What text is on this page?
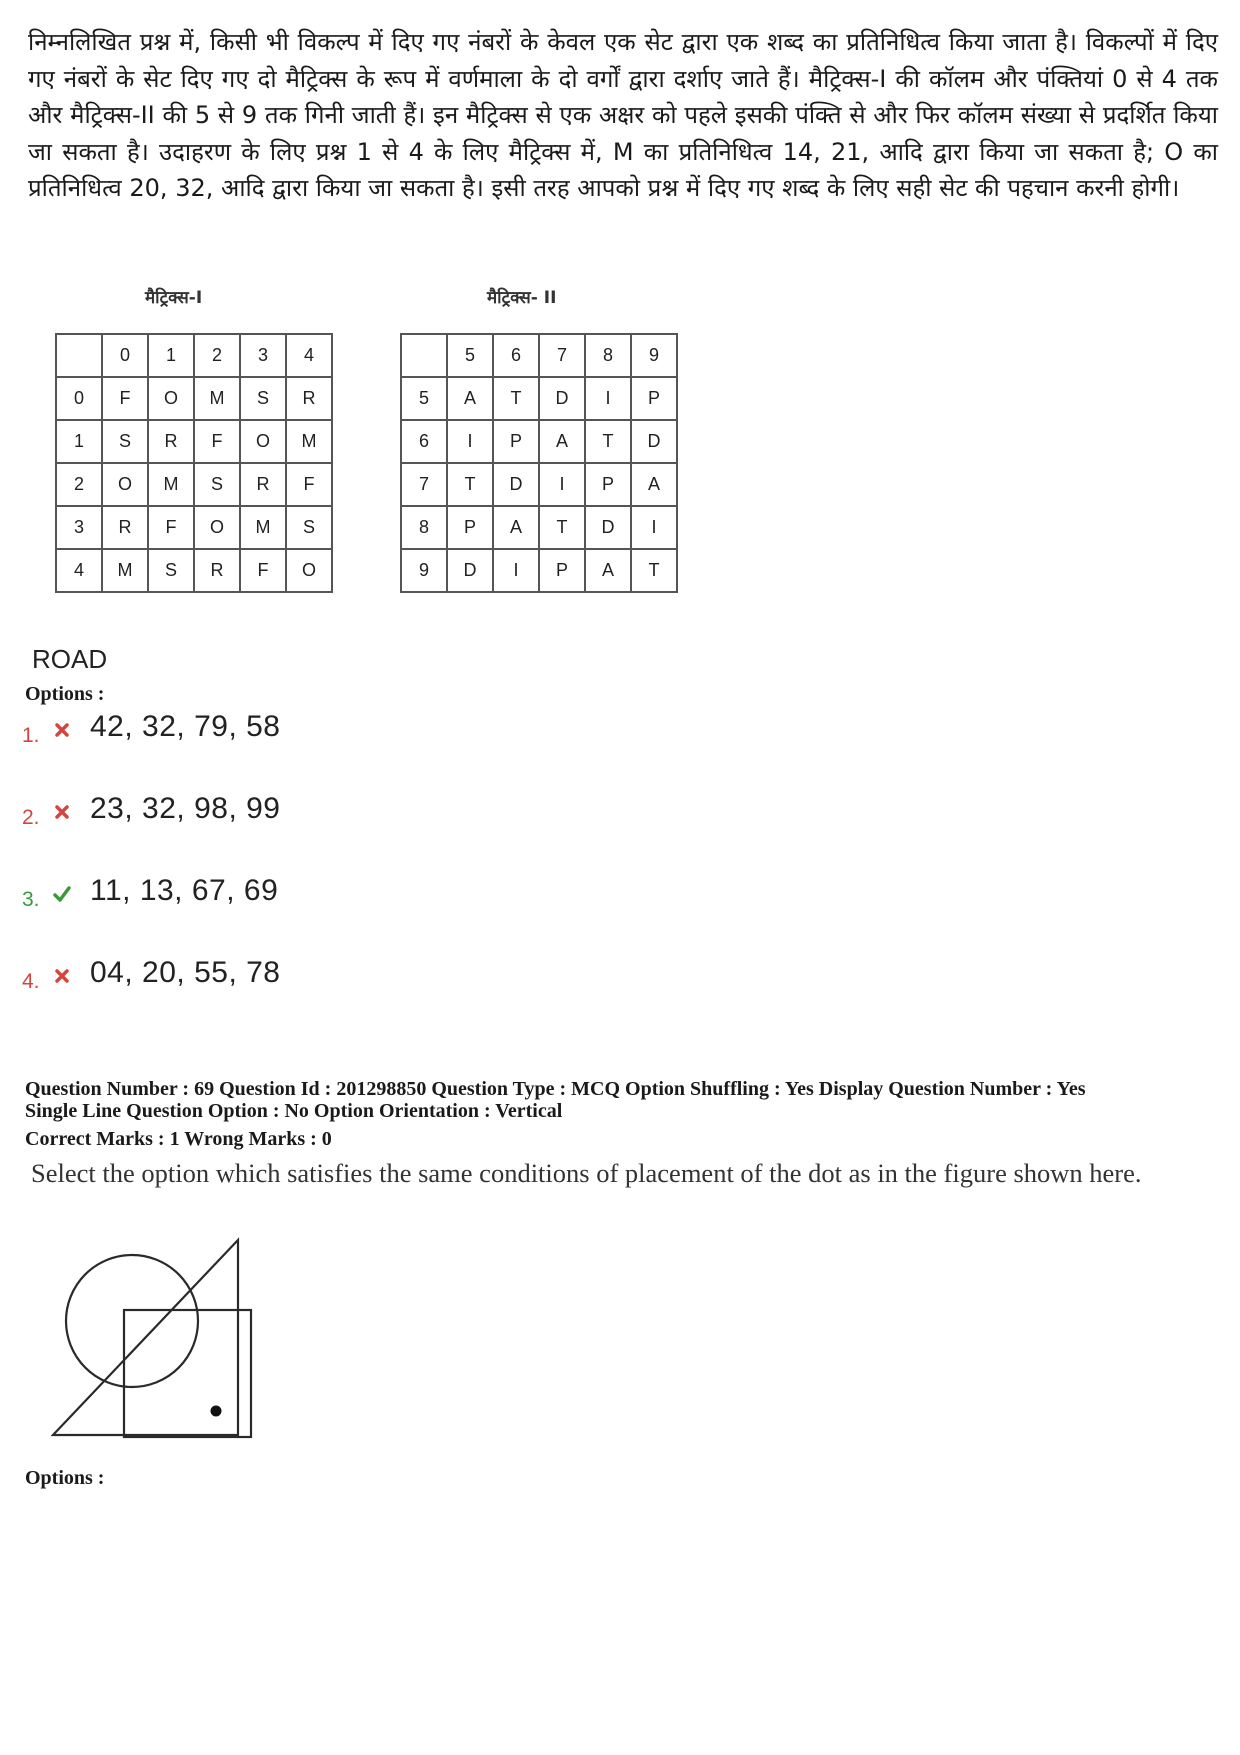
निम्नलिखित प्रश्न में, किसी भी विकल्प में दिए गए नंबरों के केवल एक सेट द्वारा एक शब्द का प्रतिनिधित्व किया जाता है। विकल्पों में दिए गए नंबरों के सेट दिए गए दो मैट्रिक्स के रूप में वर्णमाला के दो वर्गों द्वारा दर्शाए जाते हैं। मैट्रिक्स-I की कॉलम और पंक्तियां 0 से 4 तक और मैट्रिक्स-II की 5 से 9 तक गिनी जाती हैं। इन मैट्रिक्स से एक अक्षर को पहले इसकी पंक्ति से और फिर कॉलम संख्या से प्रदर्शित किया जा सकता है। उदाहरण के लिए प्रश्न 1 से 4 के लिए मैट्रिक्स में, M का प्रतिनिधित्व 14, 21, आदि द्वारा किया जा सकता है; O का प्रतिनिधित्व 20, 32, आदि द्वारा किया जा सकता है। इसी तरह आपको प्रश्न में दिए गए शब्द के लिए सही सेट की पहचान करनी होगी।

मैट्रिक्स-I	मैट्रिक्स- II
	0	1	2	3	4
0	F	O	M	S	R
1	S	R	F	O	M
2	O	M	S	R	F
3	R	F	O	M	S
4	M	S	R	F	O
	5	6	7	8	9
5	A	T	D	I	P
6	I	P	A	T	D
7	T	D	I	P	A
8	P	A	T	D	I
9	D	I	P	A	T
ROAD
Options :
1. 42, 32, 79, 58
2. 23, 32, 98, 99
3. 11, 13, 67, 69
4. 04, 20, 55, 78
Question Number : 69 Question Id : 201298850 Question Type : MCQ Option Shuffling : Yes Display Question Number : Yes
Single Line Question Option : No Option Orientation : Vertical
Correct Marks : 1 Wrong Marks : 0
Select the option which satisfies the same conditions of placement of the dot as in the figure shown here.
Options :
